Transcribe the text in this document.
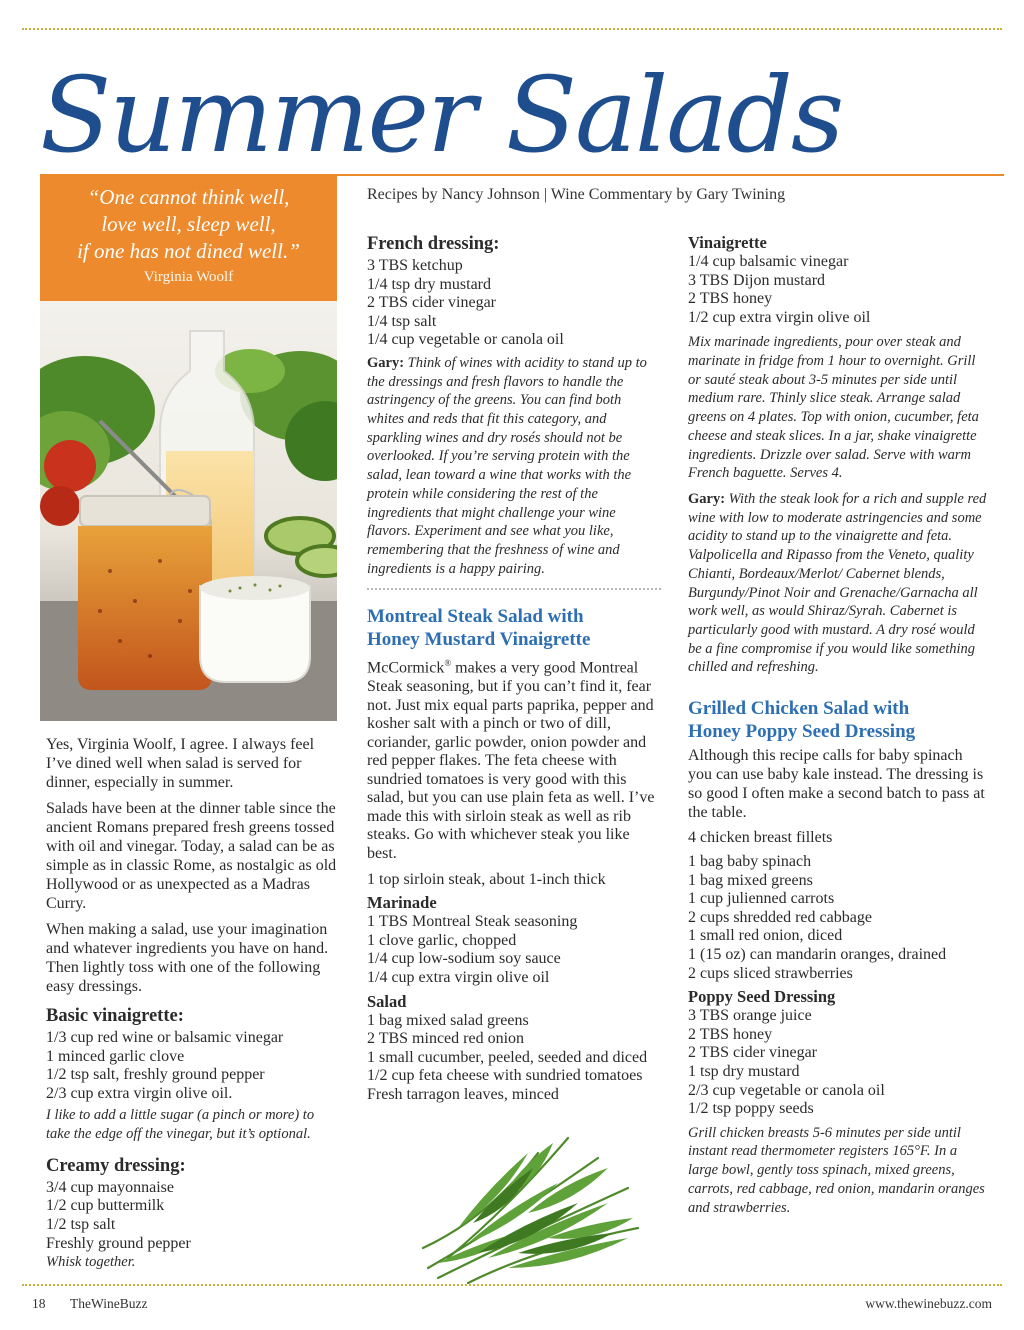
Summer Salads
“One cannot think well,
love well, sleep well,
if one has not dined well.”
Virginia Woolf
Recipes by Nancy Johnson | Wine Commentary by Gary Twining

Yes, Virginia Woolf, I agree. I always feel I’ve dined well when salad is served for dinner, especially in summer.

Salads have been at the dinner table since the ancient Romans prepared fresh greens tossed with oil and vinegar. Today, a salad can be as simple as in classic Rome, as nostalgic as old Hollywood or as unexpected as a Madras Curry.

When making a salad, use your imagination and whatever ingredients you have on hand. Then lightly toss with one of the following easy dressings.

Basic vinaigrette:
1/3 cup red wine or balsamic vinegar
1 minced garlic clove
1/2 tsp salt, freshly ground pepper
2/3 cup extra virgin olive oil.

I like to add a little sugar (a pinch or more) to take the edge off the vinegar, but it’s optional.

Creamy dressing:
3/4 cup mayonnaise
1/2 cup buttermilk
1/2 tsp salt
Freshly ground pepper

Whisk together.

French dressing:
3 TBS ketchup
1/4 tsp dry mustard
2 TBS cider vinegar
1/4 tsp salt
1/4 cup vegetable or canola oil

Gary: Think of wines with acidity to stand up to the dressings and fresh flavors to handle the astringency of the greens. You can find both whites and reds that fit this category, and sparkling wines and dry rosés should not be overlooked. If you’re serving protein with the salad, lean toward a wine that works with the protein while considering the rest of the ingredients that might challenge your wine flavors. Experiment and see what you like, remembering that the freshness of wine and ingredients is a happy pairing.

Montreal Steak Salad with
Honey Mustard Vinaigrette

McCormick® makes a very good Montreal Steak seasoning, but if you can’t find it, fear not. Just mix equal parts paprika, pepper and kosher salt with a pinch or two of dill, coriander, garlic powder, onion powder and red pepper flakes. The feta cheese with sundried tomatoes is very good with this salad, but you can use plain feta as well. I’ve made this with sirloin steak as well as rib steaks. Go with whichever steak you like best.

1 top sirloin steak, about 1-inch thick

Marinade
1 TBS Montreal Steak seasoning
1 clove garlic, chopped
1/4 cup low-sodium soy sauce
1/4 cup extra virgin olive oil
Salad
1 bag mixed salad greens
2 TBS minced red onion
1 small cucumber, peeled, seeded and diced
1/2 cup feta cheese with sundried tomatoes
Fresh tarragon leaves, minced
Vinaigrette
1/4 cup balsamic vinegar
3 TBS Dijon mustard
2 TBS honey
1/2 cup extra virgin olive oil

Mix marinade ingredients, pour over steak and marinate in fridge from 1 hour to overnight. Grill or sauté steak about 3-5 minutes per side until medium rare. Thinly slice steak. Arrange salad greens on 4 plates. Top with onion, cucumber, feta cheese and steak slices. In a jar, shake vinaigrette ingredients. Drizzle over salad. Serve with warm French baguette. Serves 4.

Gary: With the steak look for a rich and supple red wine with low to moderate astringencies and some acidity to stand up to the vinaigrette and feta. Valpolicella and Ripasso from the Veneto, quality Chianti, Bordeaux/Merlot/ Cabernet blends, Burgundy/Pinot Noir and Grenache/Garnacha all work well, as would Shiraz/Syrah. Cabernet is particularly good with mustard. A dry rosé would be a fine compromise if you would like something chilled and refreshing.

Grilled Chicken Salad with
Honey Poppy Seed Dressing

Although this recipe calls for baby spinach you can use baby kale instead. The dressing is so good I often make a second batch to pass at the table.

4 chicken breast fillets

1 bag baby spinach
1 bag mixed greens
1 cup julienned carrots
2 cups shredded red cabbage
1 small red onion, diced
1 (15 oz) can mandarin oranges, drained
2 cups sliced strawberries
Poppy Seed Dressing
3 TBS orange juice
2 TBS honey
2 TBS cider vinegar
1 tsp dry mustard
2/3 cup vegetable or canola oil
1/2 tsp poppy seeds

Grill chicken breasts 5-6 minutes per side until instant read thermometer registers 165°F. In a large bowl, gently toss spinach, mixed greens, carrots, red cabbage, red onion, mandarin oranges and strawberries.

18 TheWineBuzz	www.thewinebuzz.com
